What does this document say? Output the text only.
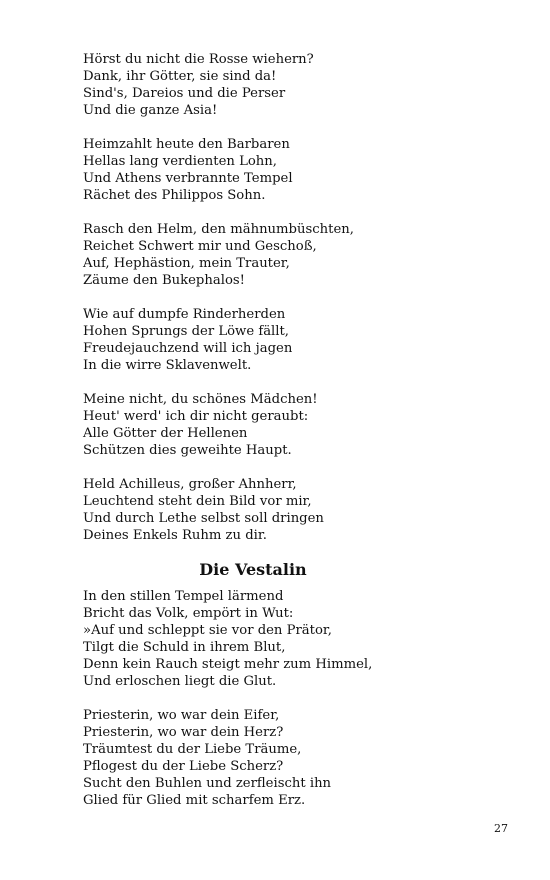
Hörst du nicht die Rosse wiehern?
Dank, ihr Götter, sie sind da!
Sind's, Dareios und die Perser
Und die ganze Asia!
Heimzahlt heute den Barbaren
Hellas lang verdienten Lohn,
Und Athens verbrannte Tempel
Rächet des Philippos Sohn.
Rasch den Helm, den mähnumbüschten,
Reichet Schwert mir und Geschoß,
Auf, Hephästion, mein Trauter,
Zäume den Bukephalos!
Wie auf dumpfe Rinderherden
Hohen Sprungs der Löwe fällt,
Freudejauchzend will ich jagen
In die wirre Sklavenwelt.
Meine nicht, du schönes Mädchen!
Heut' werd' ich dir nicht geraubt:
Alle Götter der Hellenen
Schützen dies geweihte Haupt.
Held Achilleus, großer Ahnherr,
Leuchtend steht dein Bild vor mir,
Und durch Lethe selbst soll dringen
Deines Enkels Ruhm zu dir.
Die Vestalin
In den stillen Tempel lärmend
Bricht das Volk, empört in Wut:
»Auf und schleppt sie vor den Prätor,
Tilgt die Schuld in ihrem Blut,
Denn kein Rauch steigt mehr zum Himmel,
Und erloschen liegt die Glut.
Priesterin, wo war dein Eifer,
Priesterin, wo war dein Herz?
Träumtest du der Liebe Träume,
Pflogest du der Liebe Scherz?
Sucht den Buhlen und zerfleischt ihn
Glied für Glied mit scharfem Erz.
27
